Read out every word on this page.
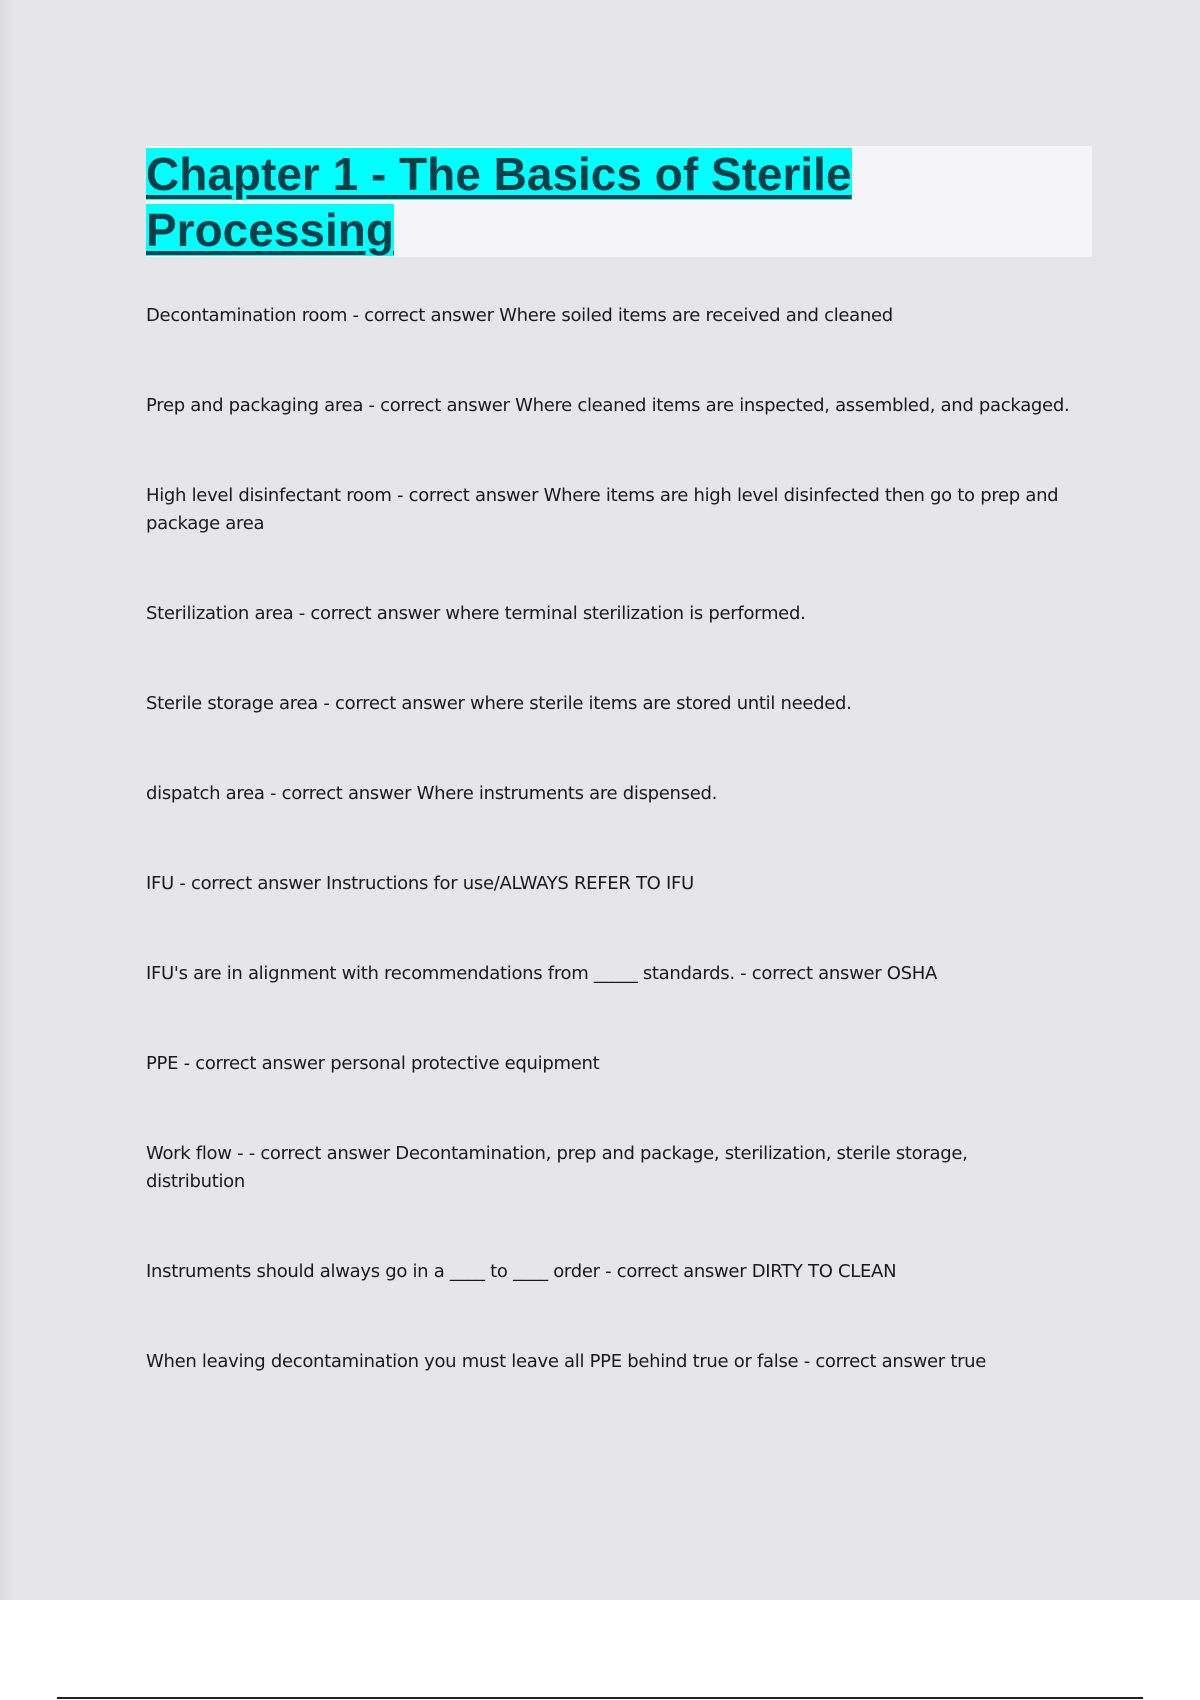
Chapter 1 - The Basics of Sterile
Processing
Decontamination room - correct answer Where soiled items are received and cleaned
Prep and packaging area - correct answer Where cleaned items are inspected, assembled, and packaged.
High level disinfectant room - correct answer Where items are high level disinfected then go to prep and package area
Sterilization area - correct answer where terminal sterilization is performed.
Sterile storage area - correct answer where sterile items are stored until needed.
dispatch area - correct answer Where instruments are dispensed.
IFU - correct answer Instructions for use/ALWAYS REFER TO IFU
IFU's are in alignment with recommendations from _____ standards. - correct answer OSHA
PPE - correct answer personal protective equipment
Work flow - - correct answer Decontamination, prep and package, sterilization, sterile storage, distribution
Instruments should always go in a ____ to ____ order - correct answer DIRTY TO CLEAN
When leaving decontamination you must leave all PPE behind true or false - correct answer true
